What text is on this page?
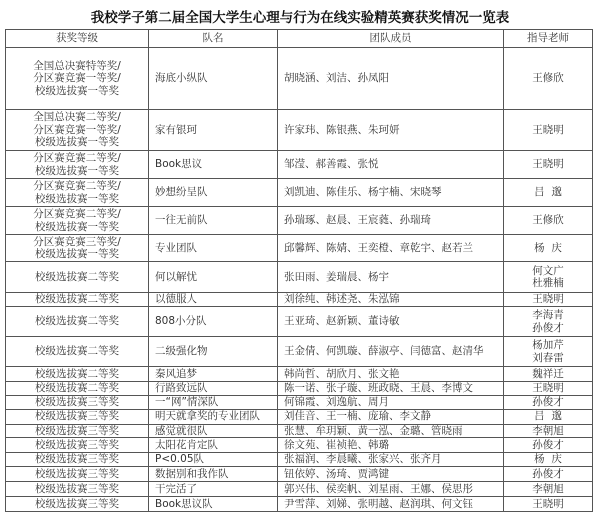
我校学子第二届全国大学生心理与行为在线实验精英赛获奖情况一览表
获奖等级	队名	团队成员	指导老师

全国总决赛特等奖/
分区赛竞赛一等奖/
校级选拔赛一等奖	海底小纵队	胡晓涵、刘洁、孙凤阳	王修欣

全国总决赛二等奖/
分区赛竞赛一等奖/
校级选拔赛一等奖	家有银珂	许家玮、陈银燕、朱珂妍	王晓明

分区赛竞赛二等奖/
校级选拔赛一等奖	Book思议	邹滢、郝善霞、张悦	王晓明

分区赛竞赛二等奖/
校级选拔赛一等奖	妙想纷呈队	刘凯迪、陈佳乐、杨宇楠、宋晓琴	吕  邈

分区赛竞赛二等奖/
校级选拔赛一等奖	一往无前队	孙瑞琢、赵晨、王宸蕤、孙瑞琦	王修欣

分区赛竞赛三等奖/
校级选拔赛一等奖	专业团队	邱馨辉、陈婧、王奕橙、章乾宇、赵若兰	杨  庆

校级选拔赛二等奖	何以解忧	张田雨、姜瑞晨、杨宇	何文广
杜雅楠

校级选拔赛二等奖	以德服人	刘徐纯、韩述尧、朱泓锦	王晓明

校级选拔赛二等奖	808小分队	王亚琦、赵新颖、董诗敏	李海青
孙俊才

校级选拔赛二等奖	二级强化物	王金倩、何凯璇、薛淑亭、闫德富、赵清华	杨加芹
刘春雷

校级选拔赛二等奖	秦风追梦	韩尚哲、胡欣月、张文艳	魏祥迁

校级选拔赛二等奖	行路致远队	陈一诺、张子璇、班政晓、王晨、李博文	王晓明

校级选拔赛三等奖	一“网”情深队	何锦霞、刘逸航、周月	孙俊才

校级选拔赛三等奖	明天就拿奖的专业团队	刘佳音、王一楠、庞瑜、李文静	吕  邈

校级选拔赛三等奖	感觉就很队	张慧、牟玥颖、黄一泓、金璐、管晓雨	李朝旭

校级选拔赛三等奖	太阳花肯定队	徐文苑、崔祯艳、韩璐	孙俊才

校级选拔赛三等奖	P<0.05队	张福润、李晨曦、张家兴、张齐月	杨  庆

校级选拔赛三等奖	数据别和我作队	钮依婷、汤琦、贾鸿键	孙俊才

校级选拔赛三等奖	干完活了	郭兴伟、侯奕帆、刘星雨、王娜、侯思彤	李朝旭

校级选拔赛三等奖	Book思议队	尹雪萍、刘娣、张明越、赵润琪、何文钰	王晓明
